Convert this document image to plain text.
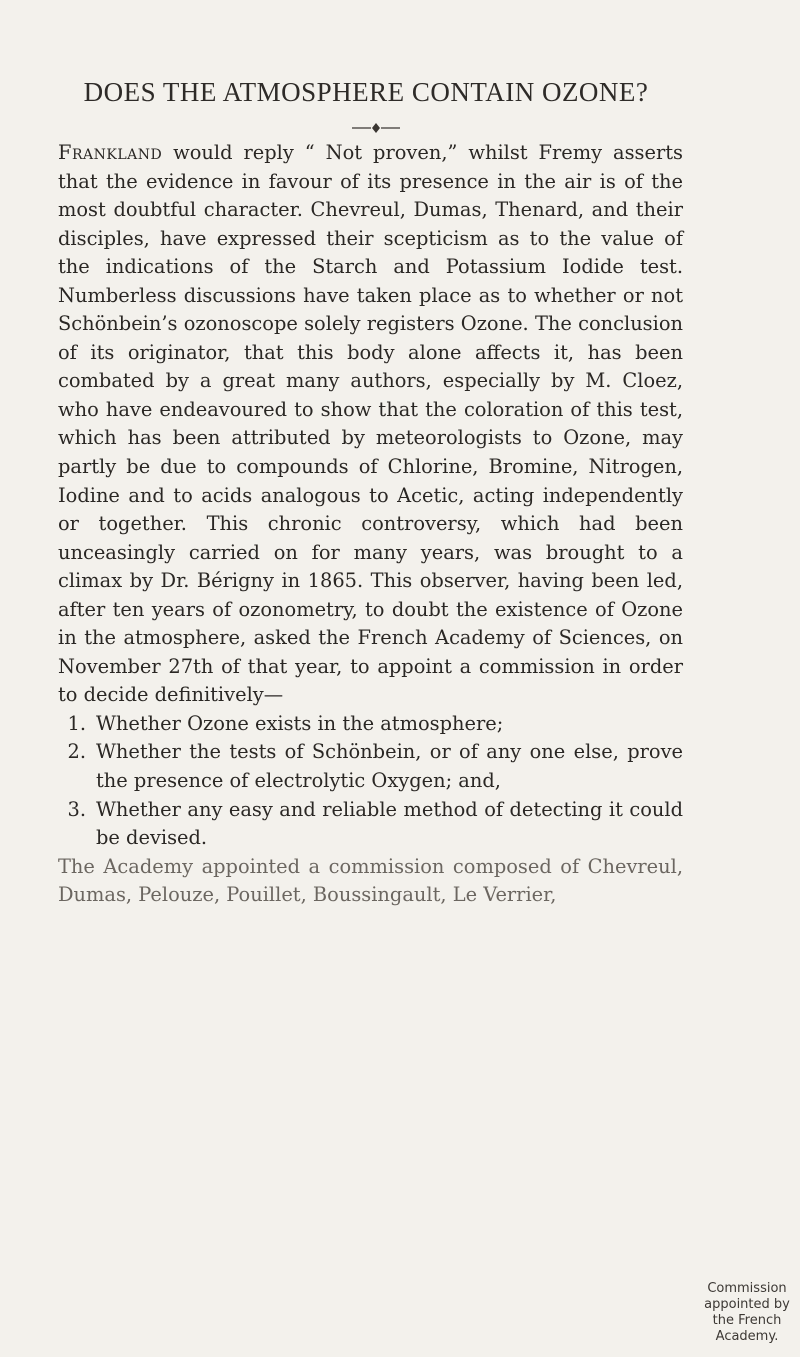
DOES THE ATMOSPHERE CONTAIN OZONE?

Frankland would reply “ Not proven,” whilst Fremy asserts that the evidence in favour of its presence in the air is of the most doubtful character. Chevreul, Dumas, Thenard, and their disciples, have expressed their scepticism as to the value of the indications of the Starch and Potassium Iodide test. Numberless discussions have taken place as to whether or not Schönbein’s ozonoscope solely registers Ozone. The conclusion of its originator, that this body alone affects it, has been combated by a great many authors, especially by M. Cloez, who have endeavoured to show that the coloration of this test, which has been attributed by meteorologists to Ozone, may partly be due to compounds of Chlorine, Bromine, Nitrogen, Iodine and to acids analogous to Acetic, acting independently or together. This chronic controversy, which had been unceasingly carried on for many years, was brought to a climax by Dr. Bérigny in 1865. This observer, having been led, after ten years of ozonometry, to doubt the existence of Ozone in the atmosphere, asked the French Academy of Sciences, on November 27th of that year, to appoint a commission in order to decide definitively—

1. Whether Ozone exists in the atmosphere;
2. Whether the tests of Schönbein, or of any one else, prove the presence of electrolytic Oxygen; and,
3. Whether any easy and reliable method of detecting it could be devised.

The Academy appointed a commission composed of Chevreul, Dumas, Pelouze, Pouillet, Boussingault, Le Verrier,

Commission appointed by the French Academy.
